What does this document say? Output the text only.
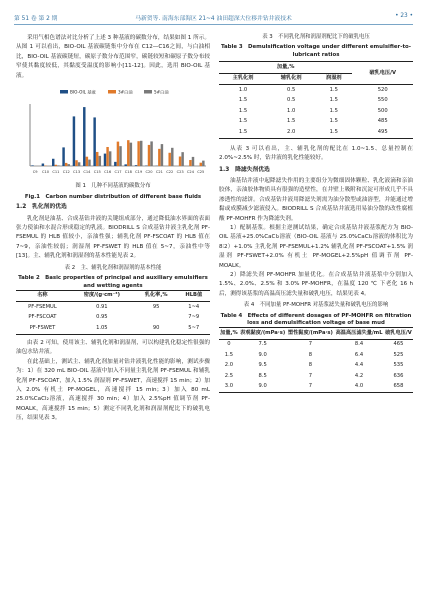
第 51 卷 第 2 期	马新贺等. 南海东部海区 21~4 油田超深大位移井钻井液技术	• 23 •

采用气相色谱法对比分析了上述 3 种基液的碳数分布，结果如图 1 所示。从图 1 可以看出，BIO-OIL 基液碳链集中分布在 C12—C16之间，与白油相比，BIO-OIL 基液碳链短，碳原子数分布范围窄，碳链较短和碳原子数分布较窄使其黏度较低，其黏度受温度的影响小[11-12]。因此，选用 BIO-OIL 基液。

C9 C10 C11 C12 C13 C14 C15 C16 C17 C18 C19 C20 C21 C22 C23 C24 C25
BIO-OIL 基液	3#白油	5#白油
图 1　几种不同基液的碳数分布
Fig.1　Carbon number distribution of different base fluids
1.2　乳化剂的优选

乳化剂是油基、合成基钻井液的关键组成部分，通过降低油水界面的表面张力使油和水混合形成稳定的乳液。BIODRILL S 合成基钻井液主乳化剂 PF-FSEMUL 的 HLB 值较小，亲油性强；辅乳化剂 PF-FSCOAT 的 HLB 值在 7~9，亲油性较弱；润湿剂 PF-FSWET 的 HLB 值在 5~7，亲油性中等[13]。主、辅乳化剂和润湿剂的基本性能见表 2。

表 2　主、辅乳化剂和润湿剂的基本性能
Table 2　Basic properties of principal and auxiliary emulsifiers and wetting agents
名称	密度/(g·cm⁻³)	乳化率,%	HLB值
PF-FSEMUL	0.91	95	1~4
PF-FSCOAT	0.95		7~9
PF-FSWET	1.05	90	5~7

由表 2 可知，使用该主、辅乳化剂和润湿剂，可以构建乳化稳定性很强的油包水钻井液。

在此基础上，测试主、辅乳化剂加量对钻井液乳化性能的影响，测试步骤为：1）在 320 mL BIO-OIL 基液中加入不同量主乳化剂 PF-FSEMUL 和辅乳化剂 PF-FSCOAT，加入 1.5% 润湿剂 PF-FSWET，高速搅拌 15 min；2）加入 2.0% 有机土 PF-MOGEL，高速搅拌 15 min；3）加入 80 mL 25.0%CaCl₂溶液，高速搅拌 30 min；4）加入 2.5%pH 值调节剂 PF-MOALK，高速搅拌 15 min；5）测定不同乳化剂和润湿剂配比下的破乳电压，结果见表 3。

表 3　不同乳化剂和润湿剂配比下的破乳电压
Table 3　Demulsification voltage under different emulsifier-to-lubricant ratios
加量,%			破乳电压/V
主乳化剂	辅乳化剂	润湿剂	
1.0	0.5	1.5	520
1.5	0.5	1.5	550
1.5	1.0	1.5	500
1.5	1.5	1.5	485
1.5	2.0	1.5	495

从表 3 可以看出，主、辅乳化剂的配比在 1.0~1.5、总量控制在 2.0%~2.5% 时，钻井液的乳化性能较好。

1.3　降滤失剂优选

油基钻井液中起降滤失作用的主要组分为微细固体颗粒、乳化液滴和亲油胶体，亲油胶体物质具有很强的造壁性，在井壁上吸附和沉淀可形成几乎不具渗透性的滤饼。合成基钻井液用降滤失剂需为油分散型或油溶型，并能通过增黏或成膜减少滤液侵入。BIODRILL S 合成基钻井液选用易油分散的改性腐植酸 PF-MOHFR 作为降滤失剂。

1）配制基浆。根据主逆测试结果，确定合成基钻井液基浆配方为 BIO-OIL 基液+25.0%CaCl₂溶液（BIO-OIL 基液与 25.0%CaCl₂溶液的体积比为 8∶2）+1.0% 主乳化剂 PF-FSEMUL+1.2% 辅乳化剂 PF-FSCOAT+1.5% 润湿剂 PF-FSWET+2.0% 有机土 PF-MOGEL+2.5%pH 值调节剂 PF-MOALK。

2）降滤失剂 PF-MOHFR 加量优化。在合成基钻井液基浆中分别加入 1.5%、2.0%、2.5% 和 3.0% PF-MOHFR，在温度 120 ℃ 下老化 16 h 后，测得该基浆的高温高压滤失量和破乳电压，结果见表 4。

表 4　不同加量 PF-MOHFR 对基浆滤失量和破乳电压的影响
Table 4　Effects of different dosages of PF-MOHFR on filtration loss and demulsification voltage of base mud
加量,%	表观黏度/(mPa·s)	塑性黏度/(mPa·s)	高温高压滤失量/mL	破乳电压/V
0	7.5	7	8.4	465
1.5	9.0	8	6.4	525
2.0	9.5	8	4.4	535
2.5	8.5	7	4.2	636
3.0	9.0	7	4.0	658
